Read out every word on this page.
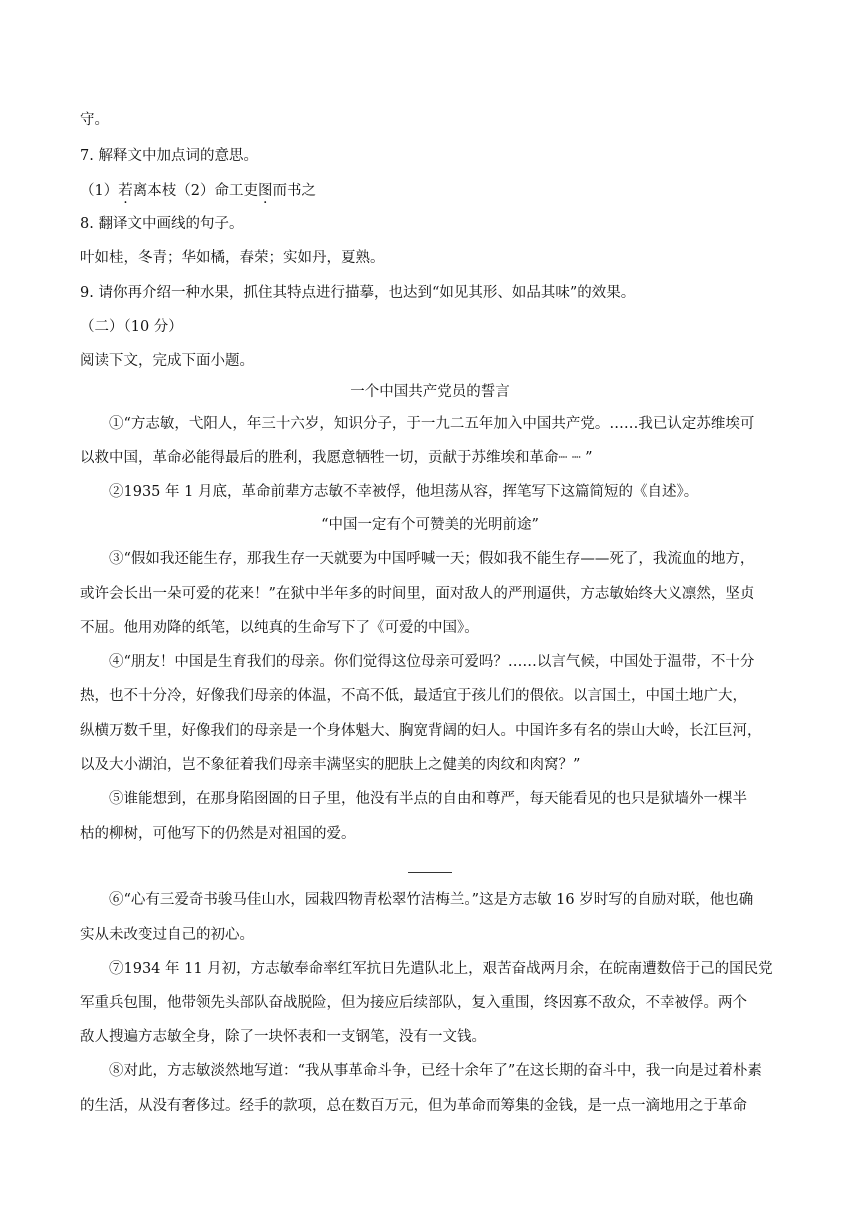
守。
7. 解释文中加点词的意思。
（1）若离本枝（2）命工吏图而书之
8. 翻译文中画线的句子。
叶如桂，冬青；华如橘，春荣；实如丹，夏熟。
9. 请你再介绍一种水果，抓住其特点进行描摹，也达到“如见其形、如品其味”的效果。
（二）（10 分）
阅读下文，完成下面小题。
一个中国共产党员的誓言
①“方志敏，弋阳人，年三十六岁，知识分子，于一九二五年加入中国共产党。……我已认定苏维埃可
以救中国，革命必能得最后的胜利，我愿意牺牲一切，贡献于苏维埃和革命┈ ┈ ”
②1935 年 1 月底，革命前辈方志敏不幸被俘，他坦荡从容，挥笔写下这篇简短的《自述》。
“中国一定有个可赞美的光明前途”
③“假如我还能生存，那我生存一天就要为中国呼喊一天；假如我不能生存——死了，我流血的地方，
或许会长出一朵可爱的花来！”在狱中半年多的时间里，面对敌人的严刑逼供，方志敏始终大义凛然，坚贞
不屈。他用劝降的纸笔，以纯真的生命写下了《可爱的中国》。
④“朋友！中国是生育我们的母亲。你们觉得这位母亲可爱吗？……以言气候，中国处于温带，不十分
热，也不十分冷，好像我们母亲的体温，不高不低，最适宜于孩儿们的偎依。以言国土，中国土地广大，
纵横万数千里，好像我们的母亲是一个身体魁大、胸宽背阔的妇人。中国许多有名的崇山大岭，长江巨河，
以及大小湖泊，岂不象征着我们母亲丰满坚实的肥肤上之健美的肉纹和肉窝？”
⑤谁能想到，在那身陷囹圄的日子里，他没有半点的自由和尊严，每天能看见的也只是狱墙外一棵半
枯的柳树，可他写下的仍然是对祖国的爱。
⑥“心有三爱奇书骏马佳山水，园栽四物青松翠竹洁梅兰。”这是方志敏 16 岁时写的自励对联，他也确
实从未改变过自己的初心。
⑦1934 年 11 月初，方志敏奉命率红军抗日先遣队北上，艰苦奋战两月余，在皖南遭数倍于己的国民党
军重兵包围，他带领先头部队奋战脱险，但为接应后续部队，复入重围，终因寡不敌众，不幸被俘。两个
敌人搜遍方志敏全身，除了一块怀表和一支钢笔，没有一文钱。
⑧对此，方志敏淡然地写道：“我从事革命斗争，已经十余年了”在这长期的奋斗中，我一向是过着朴素
的生活，从没有奢侈过。经手的款项，总在数百万元，但为革命而筹集的金钱，是一点一滴地用之于革命
